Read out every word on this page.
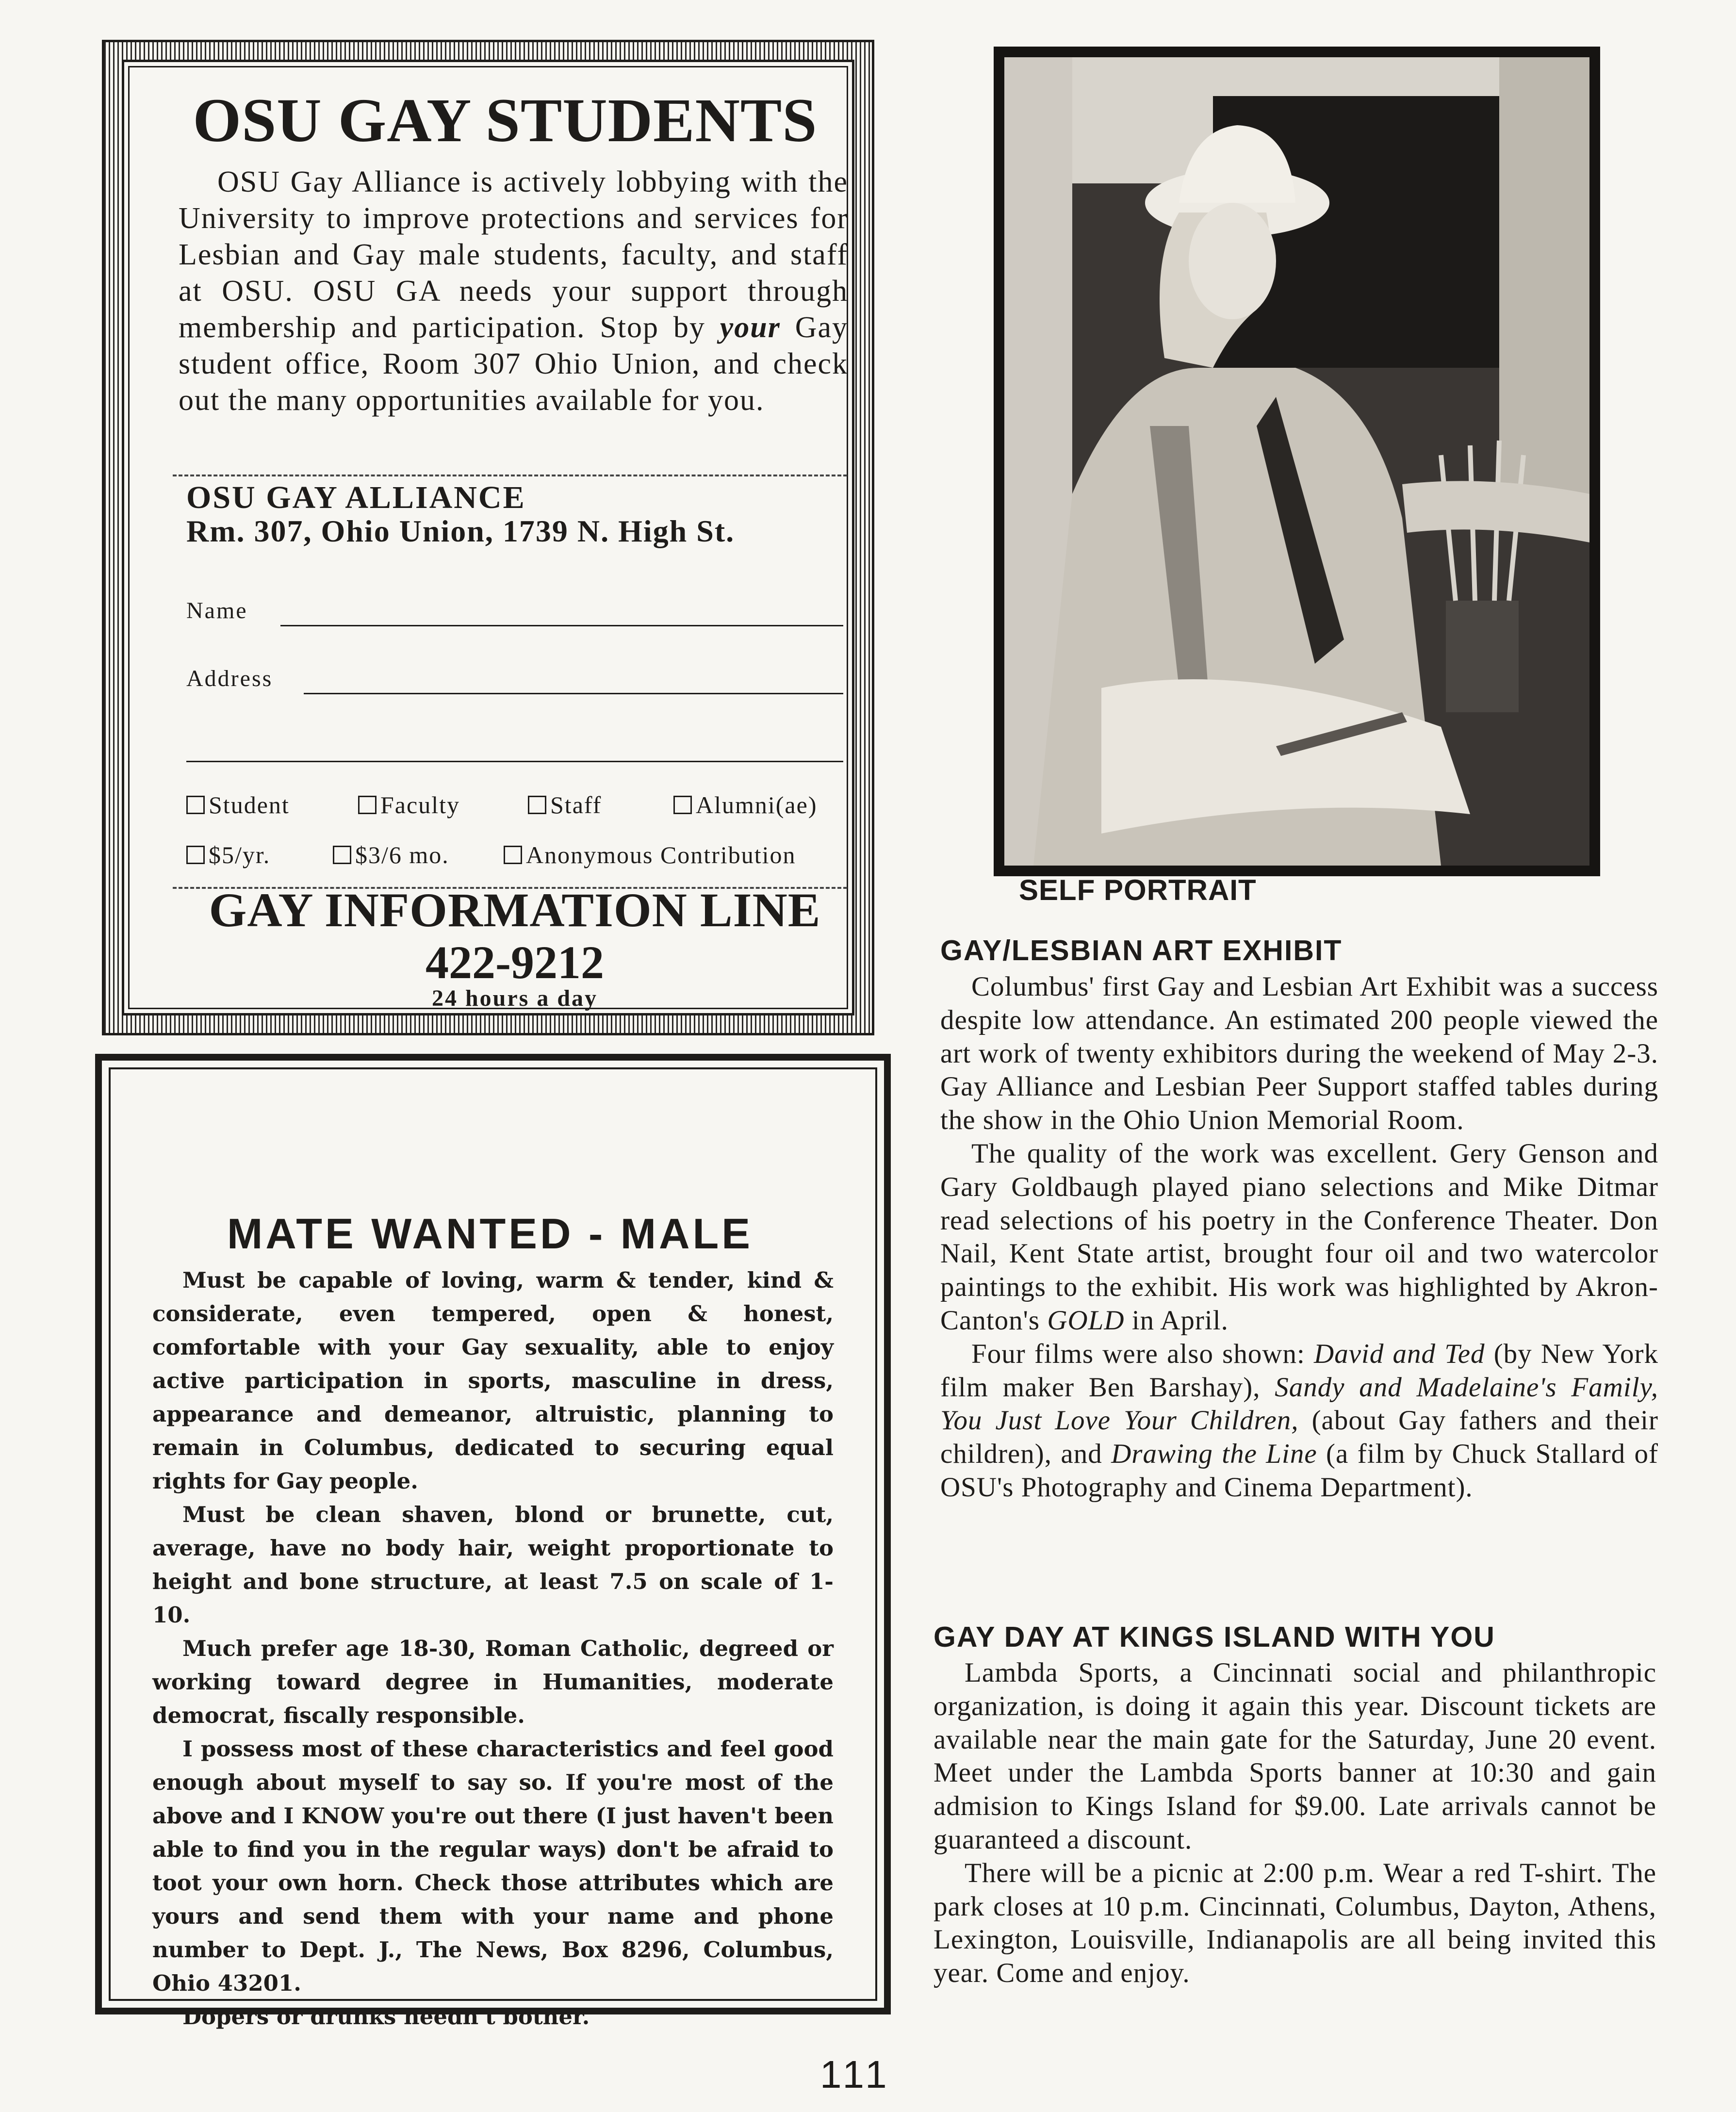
OSU GAY STUDENTS
OSU Gay Alliance is actively lobbying with the University to improve protections and services for Lesbian and Gay male students, faculty, and staff at OSU. OSU GA needs your support through membership and participation. Stop by your Gay student office, Room 307 Ohio Union, and check out the many opportunities available for you.
OSU GAY ALLIANCE
Rm. 307, Ohio Union, 1739 N. High St.
Name
Address
Student	Faculty	Staff	Alumni(ae)
$5/yr.	$3/6 mo.	Anonymous Contribution
GAY INFORMATION LINE
422-9212
24 hours a day
MATE WANTED - MALE

Must be capable of loving, warm & tender, kind & considerate, even tempered, open & honest, comfortable with your Gay sexuality, able to enjoy active participation in sports, masculine in dress, appearance and demeanor, altruistic, planning to remain in Columbus, dedicated to securing equal rights for Gay people.

Must be clean shaven, blond or brunette, cut, average, have no body hair, weight proportionate to height and bone structure, at least 7.5 on scale of 1-10.

Much prefer age 18-30, Roman Catholic, degreed or working toward degree in Humanities, moderate democrat, fiscally responsible.

I possess most of these characteristics and feel good enough about myself to say so. If you're most of the above and I KNOW you're out there (I just haven't been able to find you in the regular ways) don't be afraid to toot your own horn. Check those attributes which are yours and send them with your name and phone number to Dept. J., The News, Box 8296, Columbus, Ohio 43201.

Dopers or drunks needn't bother.

SELF PORTRAIT
GAY/LESBIAN ART EXHIBIT

Columbus' first Gay and Lesbian Art Exhibit was a success despite low attendance. An estimated 200 people viewed the art work of twenty exhibitors during the weekend of May 2-3. Gay Alliance and Lesbian Peer Support staffed tables during the show in the Ohio Union Memorial Room.

The quality of the work was excellent. Gery Genson and Gary Goldbaugh played piano selections and Mike Ditmar read selections of his poetry in the Conference Theater. Don Nail, Kent State artist, brought four oil and two watercolor paintings to the exhibit. His work was highlighted by Akron-Canton's GOLD in April.

Four films were also shown: David and Ted (by New York film maker Ben Barshay), Sandy and Madelaine's Family, You Just Love Your Children, (about Gay fathers and their children), and Drawing the Line (a film by Chuck Stallard of OSU's Photography and Cinema Department).

GAY DAY AT KINGS ISLAND WITH YOU

Lambda Sports, a Cincinnati social and philanthropic organization, is doing it again this year. Discount tickets are available near the main gate for the Saturday, June 20 event. Meet under the Lambda Sports banner at 10:30 and gain admision to Kings Island for $9.00. Late arrivals cannot be guaranteed a discount.

There will be a picnic at 2:00 p.m. Wear a red T-shirt. The park closes at 10 p.m. Cincinnati, Columbus, Dayton, Athens, Lexington, Louisville, Indianapolis are all being invited this year. Come and enjoy.

111
